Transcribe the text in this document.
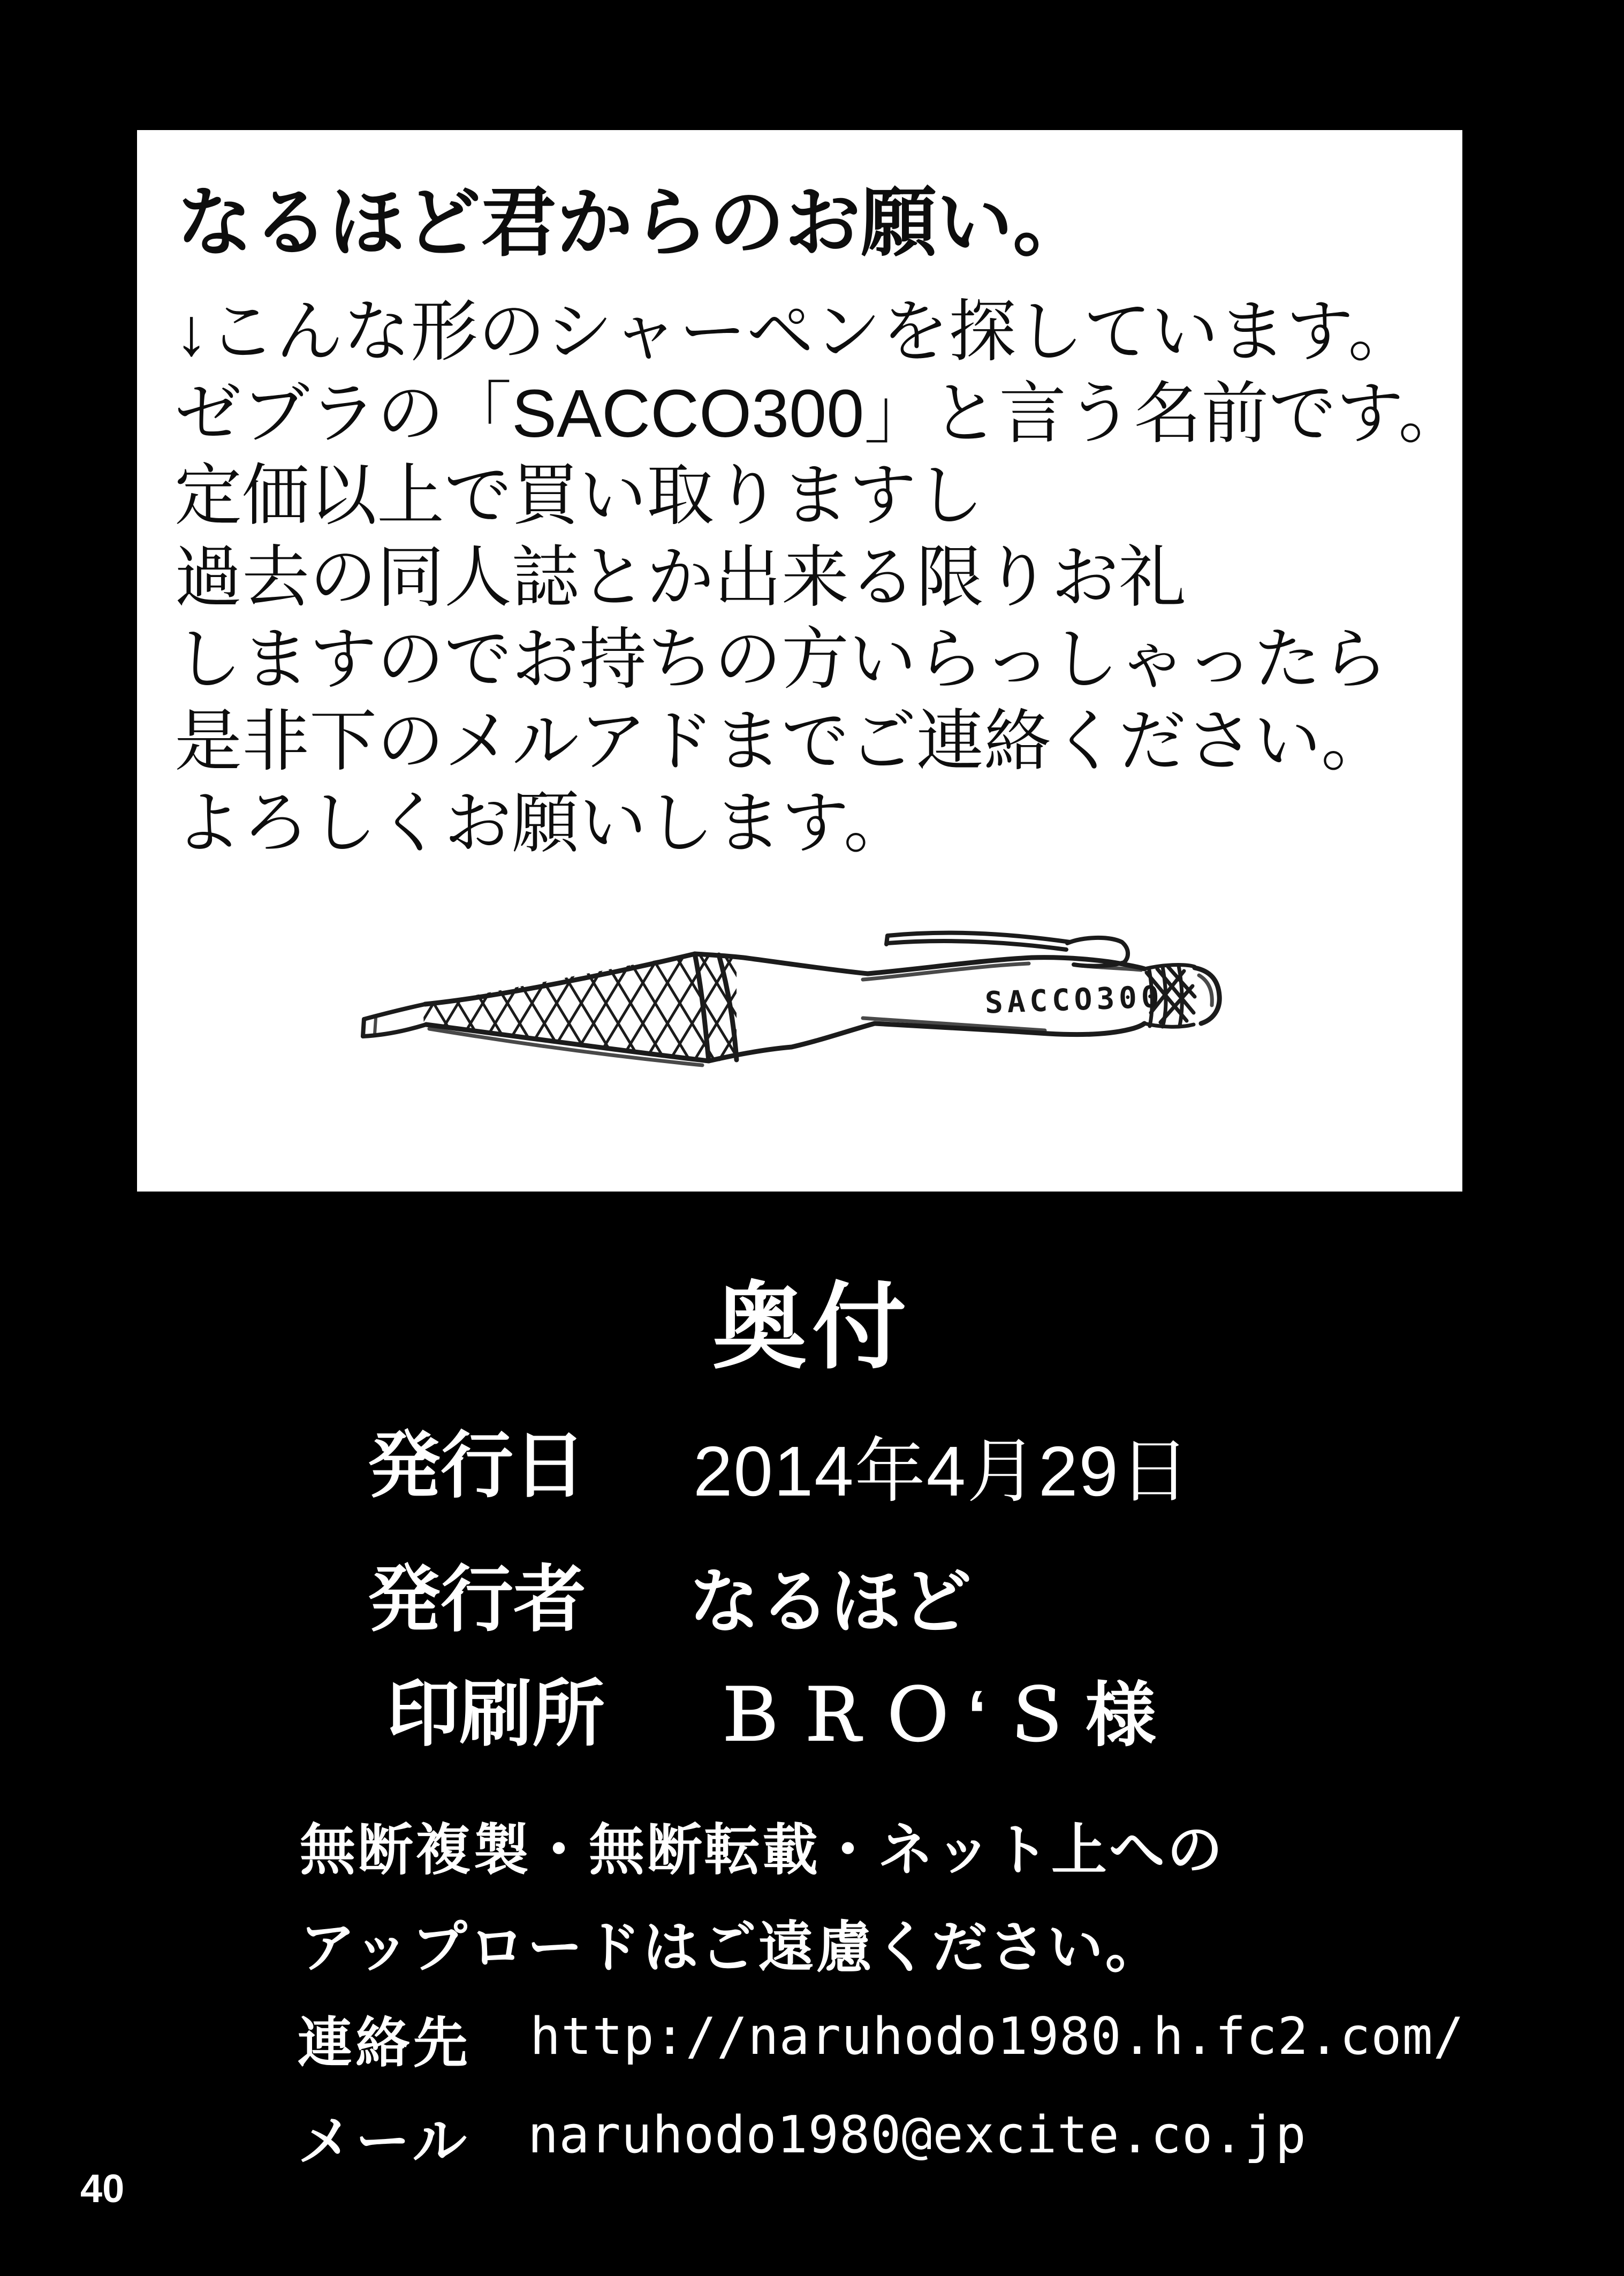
なるほど君からのお願い。
↓こんな形のシャーペンを探しています。
ゼブラの「SACCO300」と言う名前です。
定価以上で買い取りますし
過去の同人誌とか出来る限りお礼
しますのでお持ちの方いらっしゃったら
是非下のメルアドまでご連絡ください。
よろしくお願いします。
SACCO300
奥付
発行日 2014年4月29日
発行者 なるほど
印刷所 ＢＲＯ‘Ｓ様
無断複製・無断転載・ネット上への
アップロードはご遠慮ください。
連絡先 http://naruhodo1980.h.fc2.com/
メール naruhodo1980@excite.co.jp
40
